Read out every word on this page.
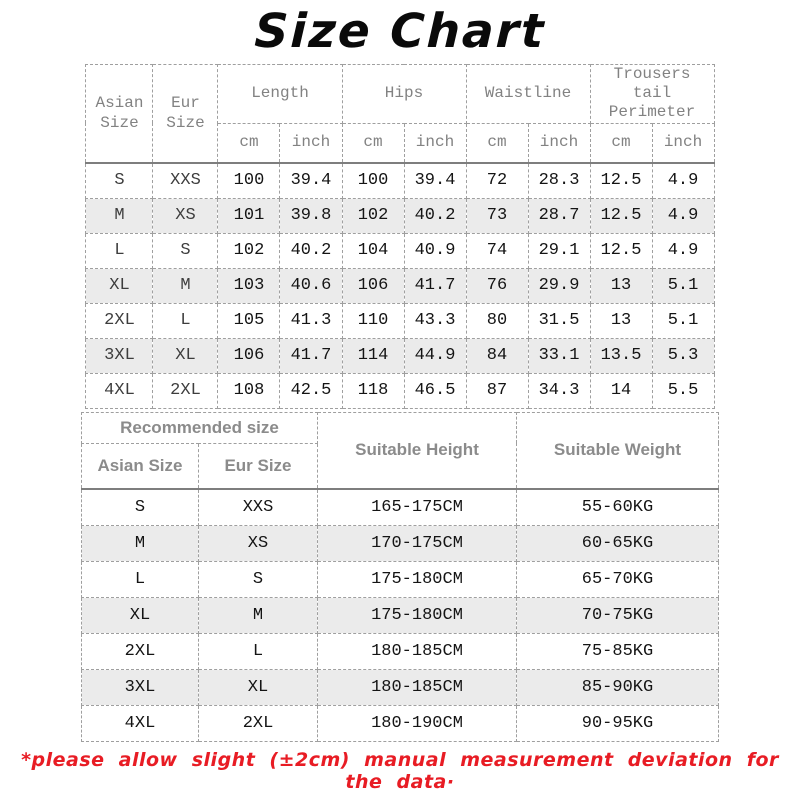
Size Chart
Asian Size	Eur Size	Length		Hips		Waistline		Trousers tail Perimeter	
		cm	inch	cm	inch	cm	inch	cm	inch
S	XXS	100	39.4	100	39.4	72	28.3	12.5	4.9
M	XS	101	39.8	102	40.2	73	28.7	12.5	4.9
L	S	102	40.2	104	40.9	74	29.1	12.5	4.9
XL	M	103	40.6	106	41.7	76	29.9	13	5.1
2XL	L	105	41.3	110	43.3	80	31.5	13	5.1
3XL	XL	106	41.7	114	44.9	84	33.1	13.5	5.3
4XL	2XL	108	42.5	118	46.5	87	34.3	14	5.5
Recommended size		Suitable Height	Suitable Weight
Asian Size	Eur Size		
S	XXS	165-175CM	55-60KG
M	XS	170-175CM	60-65KG
L	S	175-180CM	65-70KG
XL	M	175-180CM	70-75KG
2XL	L	180-185CM	75-85KG
3XL	XL	180-185CM	85-90KG
4XL	2XL	180-190CM	90-95KG
*please allow slight (±2cm) manual measurement deviation for the data·
